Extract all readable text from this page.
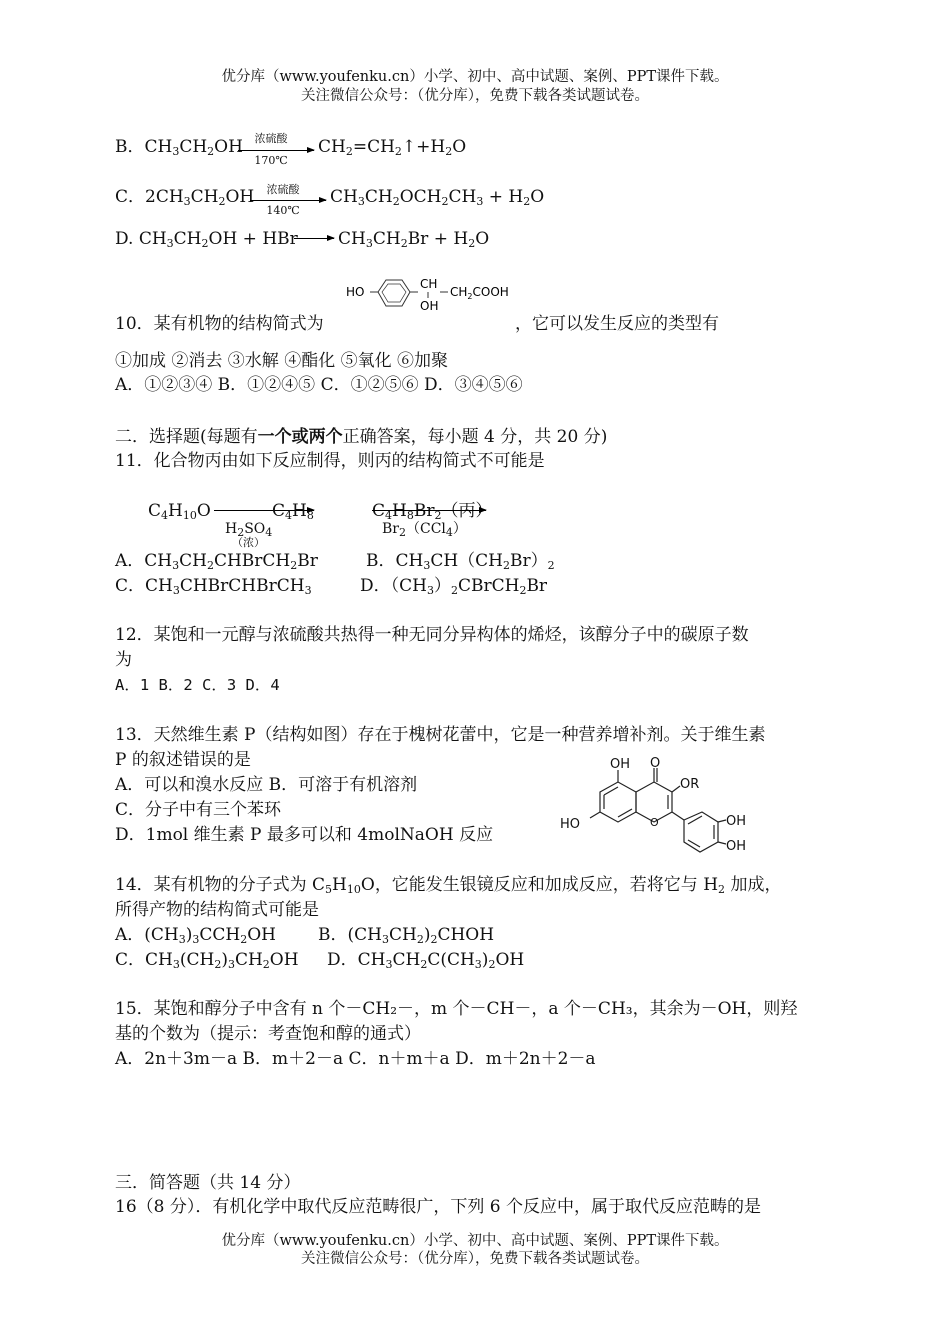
优分库（www.youfenku.cn）小学、初中、高中试题、案例、PPT课件下载。
关注微信公众号：（优分库），免费下载各类试题试卷。
B．$CH_3CH_2OH$	浓硫酸
170℃
$CH_2=CH_2↑+H_2O$
C．$2CH_3CH_2OH$	浓硫酸
140℃
$CH_3CH_2OCH_2CH_3 + H_2O$
D. $CH_3CH_2OH$ + HBr $CH_3CH_2Br + H_2O$
HO
CH
OH
$CH_2COOH$
10．某有机物的结构简式为	，它可以发生反应的类型有
①加成 ②消去 ③水解 ④酯化 ⑤氧化 ⑥加聚
A．①②③④ B．①②④⑤ C．①②⑤⑥ D．③④⑤⑥
二．选择题(每题有一个或两个正确答案，每小题 4 分，共 20 分)
11．化合物丙由如下反应制得，则丙的结构简式不可能是
$C_4H_{10}O$	$C_4H_8$
$H_2SO_4$
（浓）
$C_4H_8Br_2$（丙）
$Br_2(CCl_4)$
A．$CH_3CH_2CHBrCH_2Br$	B．$CH_3CH(CH_2Br)_2$
C．$CH_3CHBrCHBrCH_3$	D．$(CH_3)_2CBrCH_2Br$
12．某饱和一元醇与浓硫酸共热得一种无同分异构体的烯烃，该醇分子中的碳原子数
为
A．1 B．2 C．3 D．4
13．天然维生素 P（结构如图）存在于槐树花蕾中，它是一种营养增补剂。关于维生素
P 的叙述错误的是
A．可以和溴水反应 B．可溶于有机溶剂
C．分子中有三个苯环
D．1mol 维生素 P 最多可以和 4molNaOH 反应
OH O
OR
HO	O	OH
OH
14．某有机物的分子式为 $C_5H_{10}O$，它能发生银镜反应和加成反应，若将它与 $H_2$ 加成，
所得产物的结构简式可能是
A．$(CH_3)_3CCH_2OH$ B．$(CH_3CH_2)_2CHOH$
C．$CH_3(CH_2)_3CH_2OH$ D．$CH_3CH_2C(CH_3)_2OH$
15．某饱和醇分子中含有 n 个－CH₂－，m 个－CH－，a 个－CH₃，其余为－OH，则羟
基的个数为（提示：考查饱和醇的通式）
A．2n＋3m－a B．m＋2－a C．n＋m＋a D．m＋2n＋2－a
三．简答题（共 14 分）
16（8 分）．有机化学中取代反应范畴很广，下列 6 个反应中，属于取代反应范畴的是
优分库（www.youfenku.cn）小学、初中、高中试题、案例、PPT课件下载。
关注微信公众号：（优分库），免费下载各类试题试卷。
